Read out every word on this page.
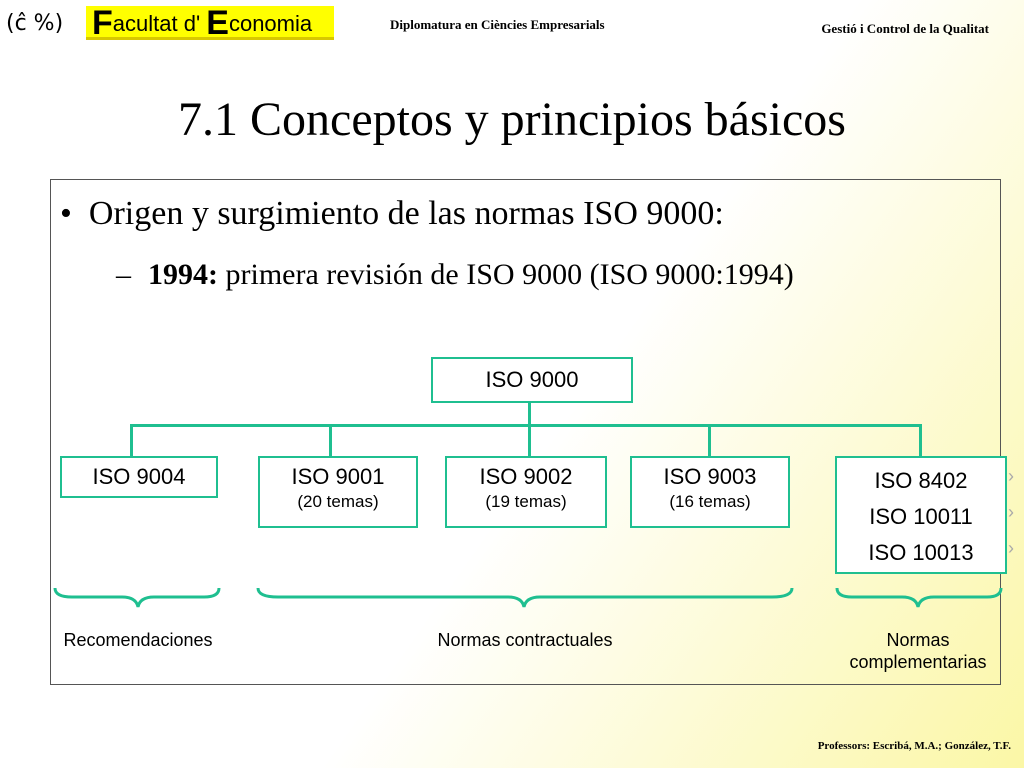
(ĉ %) Facultat d' Economia	Diplomatura en Ciències Empresarials	Gestió i Control de la Qualitat
7.1 Conceptos y principios básicos
•  Origen y surgimiento de las normas ISO 9000:
– 1994: primera revisión de ISO 9000 (ISO 9000:1994)
ISO 9000
ISO 9004	ISO 9001
(20 temas)
ISO 9002
(19 temas)
ISO 9003
(16 temas)
ISO 8402
ISO 10011
ISO 10013
›
›
›
Recomendaciones	Normas contractuales	Normas
complementarias
Professors: Escribá, M.A.; González, T.F.
